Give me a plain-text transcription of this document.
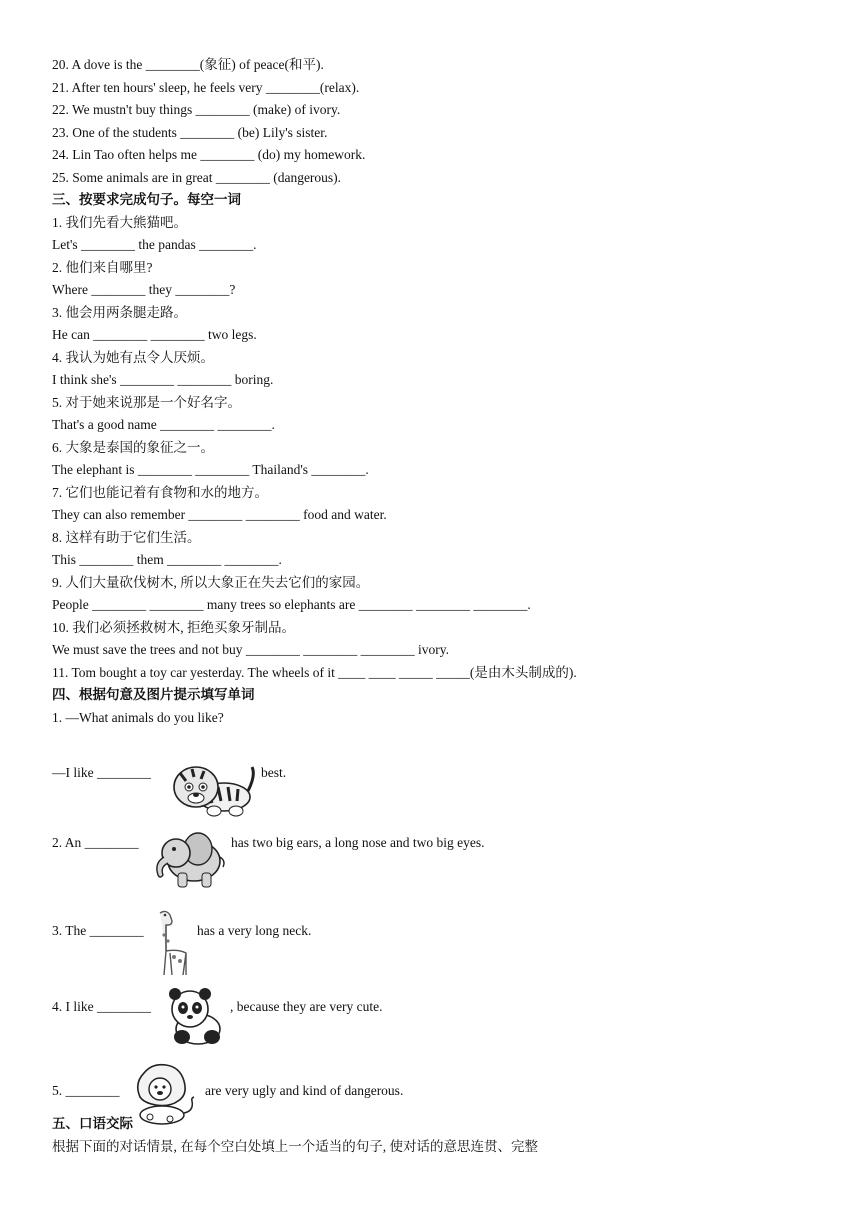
20. A dove is the ________(象征) of peace(和平).
21. After ten hours' sleep, he feels very ________(relax).
22. We mustn't buy things ________ (make) of ivory.
23. One of the students ________ (be) Lily's sister.
24. Lin Tao often helps me ________ (do) my homework.
25. Some animals are in great ________ (dangerous).
三、按要求完成句子。每空一词
1. 我们先看大熊猫吧。
Let's ________ the pandas ________.
2. 他们来自哪里?
Where ________ they ________?
3. 他会用两条腿走路。
He can ________ ________ two legs.
4. 我认为她有点令人厌烦。
I think she's ________ ________ boring.
5. 对于她来说那是一个好名字。
That's a good name ________ ________.
6. 大象是泰国的象征之一。
The elephant is ________ ________ Thailand's ________.
7. 它们也能记着有食物和水的地方。
They can also remember ________ ________ food and water.
8. 这样有助于它们生活。
This ________ them ________ ________.
9. 人们大量砍伐树木, 所以大象正在失去它们的家园。
People ________ ________ many trees so elephants are ________ ________ ________.
10. 我们必须拯救树木, 拒绝买象牙制品。
We must save the trees and not buy ________ ________ ________ ivory.
11. Tom bought a toy car yesterday. The wheels of it ____ ____ _____ _____(是由木头制成的).
四、根据句意及图片提示填写单词
1. —What animals do you like?

—I like ________

	best.

2. An ________

	has two big ears, a long nose and two big eyes.

3. The ________

	has a very long neck.

4. I like ________

	, because they are very cute.

5. ________

	are very ugly and kind of dangerous.

五、口语交际
根据下面的对话情景, 在每个空白处填上一个适当的句子, 使对话的意思连贯、完整
